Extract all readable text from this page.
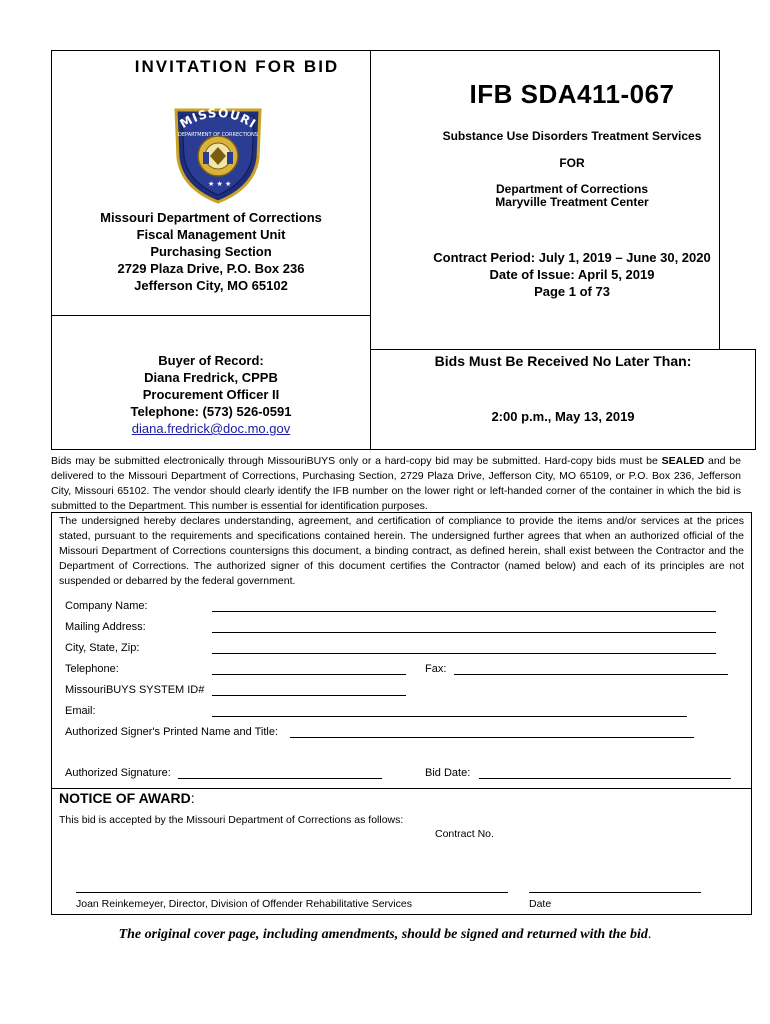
INVITATION FOR BID
★ ★ ★
MISSOURI
DEPARTMENT OF CORRECTIONS
Missouri Department of Corrections
Fiscal Management Unit
Purchasing Section
2729 Plaza Drive, P.O. Box 236
Jefferson City, MO 65102
IFB SDA411-067
Substance Use Disorders Treatment Services
FOR
Department of Corrections
Maryville Treatment Center
Contract Period: July 1, 2019 – June 30, 2020
Date of Issue: April 5, 2019
Page 1 of 73
Buyer of Record:
Diana Fredrick, CPPB
Procurement Officer II
Telephone: (573) 526-0591
diana.fredrick@doc.mo.gov
Bids Must Be Received No Later Than:
2:00 p.m., May 13, 2019
Bids may be submitted electronically through MissouriBUYS only or a hard-copy bid may be submitted. Hard-copy bids must be SEALED and be delivered to the Missouri Department of Corrections, Purchasing Section, 2729 Plaza Drive, Jefferson City, MO 65109, or P.O. Box 236, Jefferson City, Missouri 65102. The vendor should clearly identify the IFB number on the lower right or left-handed corner of the container in which the bid is submitted to the Department. This number is essential for identification purposes.
The undersigned hereby declares understanding, agreement, and certification of compliance to provide the items and/or services at the prices stated, pursuant to the requirements and specifications contained herein. The undersigned further agrees that when an authorized official of the Missouri Department of Corrections countersigns this document, a binding contract, as defined herein, shall exist between the Contractor and the Department of Corrections. The authorized signer of this document certifies the Contractor (named below) and each of its principles are not suspended or debarred by the federal government.
Company Name:
Mailing Address:
City, State, Zip:
Telephone:	Fax:
MissouriBUYS SYSTEM ID#
Email:
Authorized Signer's Printed Name and Title:
Authorized Signature:	Bid Date:
NOTICE OF AWARD:
This bid is accepted by the Missouri Department of Corrections as follows:
Contract No.
Joan Reinkemeyer, Director, Division of Offender Rehabilitative Services	Date
The original cover page, including amendments, should be signed and returned with the bid.
